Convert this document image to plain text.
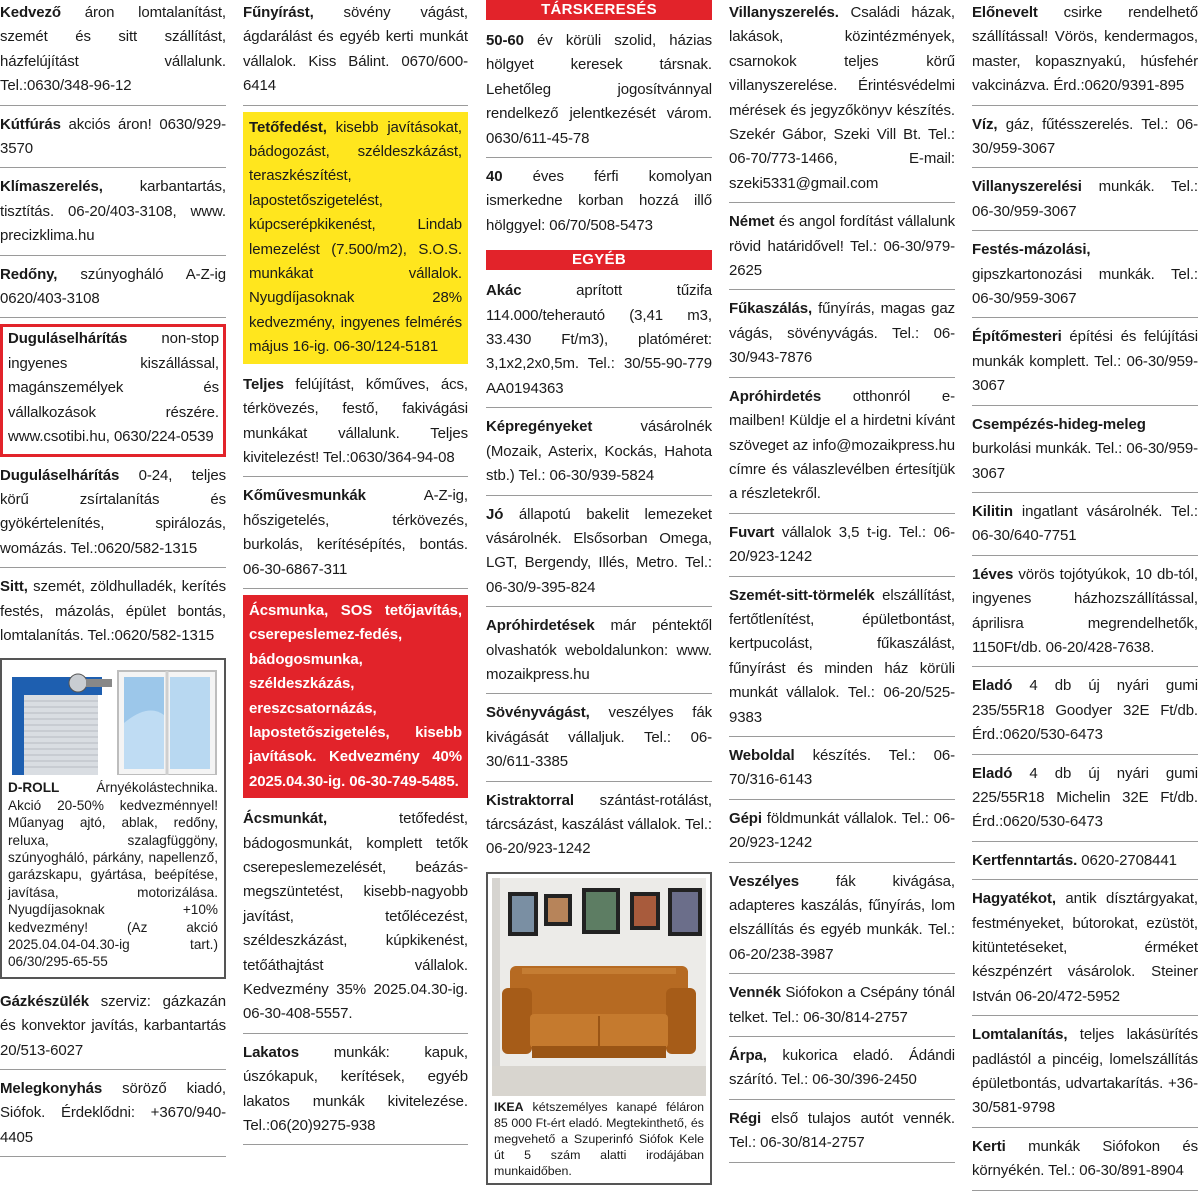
Kedvező áron lomtalanítást, szemét és sitt szállítást, házfelújítást vállalunk. Tel.:0630/348-96-12
Kútfúrás akciós áron! 0630/929-3570
Klímaszerelés, karbantartás, tisztítás. 06-20/403-3108, www. precizklima.hu
Redőny, szúnyogháló A-Z-ig 0620/403-3108
Duguláselhárítás non-stop ingyenes kiszállással, magánszemélyek és vállalkozások részére. www.csotibi.hu, 0630/224-0539
Duguláselhárítás 0-24, teljes körű zsírtalanítás és gyökértelenítés, spirálozás, womázás. Tel.:0620/582-1315
Sitt, szemét, zöldhulladék, kerítés festés, mázolás, épület bontás, lomtalanítás. Tel.:0620/582-1315
D-ROLL Árnyékolástechnika. Akció 20-50% kedvezménnyel! Műanyag ajtó, ablak, redőny, reluxa, szalagfüggöny, szúnyogháló, párkány, napellenző, garázskapu, gyártása, beépítése, javítása, motorizálása. Nyugdíjasoknak +10% kedvezmény! (Az akció 2025.04.04-04.30-ig tart.) 06/30/295-65-55
Gázkészülék szerviz: gázkazán és konvektor javítás, karbantartás 20/513-6027
Melegkonyhás söröző kiadó, Siófok. Érdeklődni: +3670/940-4405
Fűnyírást, sövény vágást, ágdarálást és egyéb kerti munkát vállalok. Kiss Bálint. 0670/600-6414
Tetőfedést, kisebb javításokat, bádogozást, széldeszkázást, teraszkészítést, lapostetőszigetelést, kúpcserépkikenést, Lindab lemezelést (7.500/m2), S.O.S. munkákat vállalok. Nyugdíjasoknak 28% kedvezmény, ingyenes felmérés május 16-ig. 06-30/124-5181
Teljes felújítást, kőműves, ács, térkövezés, festő, fakivágási munkákat vállalunk. Teljes kivitelezést! Tel.:0630/364-94-08
Kőművesmunkák A-Z-ig, hőszigetelés, térkövezés, burkolás, kerítésépítés, bontás. 06-30-6867-311
Ácsmunka, SOS tetőjavítás, cserepeslemez-fedés, bádogosmunka, széldeszkázás, ereszcsatornázás, lapostetőszigetelés, kisebb javítások. Kedvezmény 40% 2025.04.30-ig. 06-30-749-5485.
Ácsmunkát, tetőfedést, bádogosmunkát, komplett tetők cserepeslemezelését, beázás-megszüntetést, kisebb-nagyobb javítást, tetőlécezést, széldeszkázást, kúpkikenést, tetőáthajtást vállalok. Kedvezmény 35% 2025.04.30-ig. 06-30-408-5557.
Lakatos munkák: kapuk, úszókapuk, kerítések, egyéb lakatos munkák kivitelezése. Tel.:06(20)9275-938
TÁRSKERESÉS
50-60 év körüli szolid, házias hölgyet keresek társnak. Lehetőleg jogosítvánnyal rendelkező jelentkezését várom. 0630/611-45-78
40 éves férfi komolyan ismerkedne korban hozzá illő hölggyel: 06/70/508-5473
EGYÉB
Akác aprított tűzifa 114.000/teherautó (3,41 m3, 33.430 Ft/m3), platóméret: 3,1x2,2x0,5m. Tel.: 30/55-90-779 AA0194363
Képregényeket vásárolnék (Mozaik, Asterix, Kockás, Hahota stb.) Tel.: 06-30/939-5824
Jó állapotú bakelit lemezeket vásárolnék. Elsősorban Omega, LGT, Bergendy, Illés, Metro. Tel.: 06-30/9-395-824
Apróhirdetések már péntektől olvashatók weboldalunkon: www. mozaikpress.hu
Sövényvágást, veszélyes fák kivágását vállaljuk. Tel.: 06-30/611-3385
Kistraktorral szántást-rotálást, tárcsázást, kaszálást vállalok. Tel.: 06-20/923-1242
IKEA kétszemélyes kanapé féláron 85 000 Ft-ért eladó. Megtekinthető, és megvehető a Szuperinfó Siófok Kele út 5 szám alatti irodájában munkaidőben.
Villanyszerelés. Családi házak, lakások, közintézmények, csarnokok teljes körű villanyszerelése. Érintésvédelmi mérések és jegyzőkönyv készítés. Szekér Gábor, Szeki Vill Bt. Tel.: 06-70/773-1466, E-mail: szeki5331@gmail.com
Német és angol fordítást vállalunk rövid határidővel! Tel.: 06-30/979-2625
Fűkaszálás, fűnyírás, magas gaz vágás, sövényvágás. Tel.: 06-30/943-7876
Apróhirdetés otthonról e-mailben! Küldje el a hirdetni kívánt szöveget az info@mozaikpress.hu címre és válaszlevélben értesítjük a részletekről.
Fuvart vállalok 3,5 t-ig. Tel.: 06-20/923-1242
Szemét-sitt-törmelék elszállítást, fertőtlenítést, épületbontást, kertpucolást, fűkaszálást, fűnyírást és minden ház körüli munkát vállalok. Tel.: 06-20/525-9383
Weboldal készítés. Tel.: 06-70/316-6143
Gépi földmunkát vállalok. Tel.: 06-20/923-1242
Veszélyes fák kivágása, adapteres kaszálás, fűnyírás, lom elszállítás és egyéb munkák. Tel.: 06-20/238-3987
Vennék Siófokon a Csépány tónál telket. Tel.: 06-30/814-2757
Árpa, kukorica eladó. Ádándi szárító. Tel.: 06-30/396-2450
Régi első tulajos autót vennék. Tel.: 06-30/814-2757
Előnevelt csirke rendelhető szállítással! Vörös, kendermagos, master, kopasznyakú, húsfehér vakcinázva. Érd.:0620/9391-895
Víz, gáz, fűtésszerelés. Tel.: 06-30/959-3067
Villanyszerelési munkák. Tel.: 06-30/959-3067
Festés-mázolási, gipszkartonozási munkák. Tel.: 06-30/959-3067
Építőmesteri építési és felújítási munkák komplett. Tel.: 06-30/959-3067
Csempézés-hideg-meleg burkolási munkák. Tel.: 06-30/959-3067
Kilitin ingatlant vásárolnék. Tel.: 06-30/640-7751
1éves vörös tojótyúkok, 10 db-tól, ingyenes házhozszállítással, áprilisra megrendelhetők, 1150Ft/db. 06-20/428-7638.
Eladó 4 db új nyári gumi 235/55R18 Goodyer 32E Ft/db. Érd.:0620/530-6473
Eladó 4 db új nyári gumi 225/55R18 Michelin 32E Ft/db. Érd.:0620/530-6473
Kertfenntartás. 0620-2708441
Hagyatékot, antik dísztárgyakat, festményeket, bútorokat, ezüstöt, kitüntetéseket, érméket készpénzért vásárolok. Steiner István 06-20/472-5952
Lomtalanítás, teljes lakásürítés padlástól a pincéig, lomelszállítás épületbontás, udvartakarítás. +36-30/581-9798
Kerti munkák Siófokon és környékén. Tel.: 06-30/891-8904
